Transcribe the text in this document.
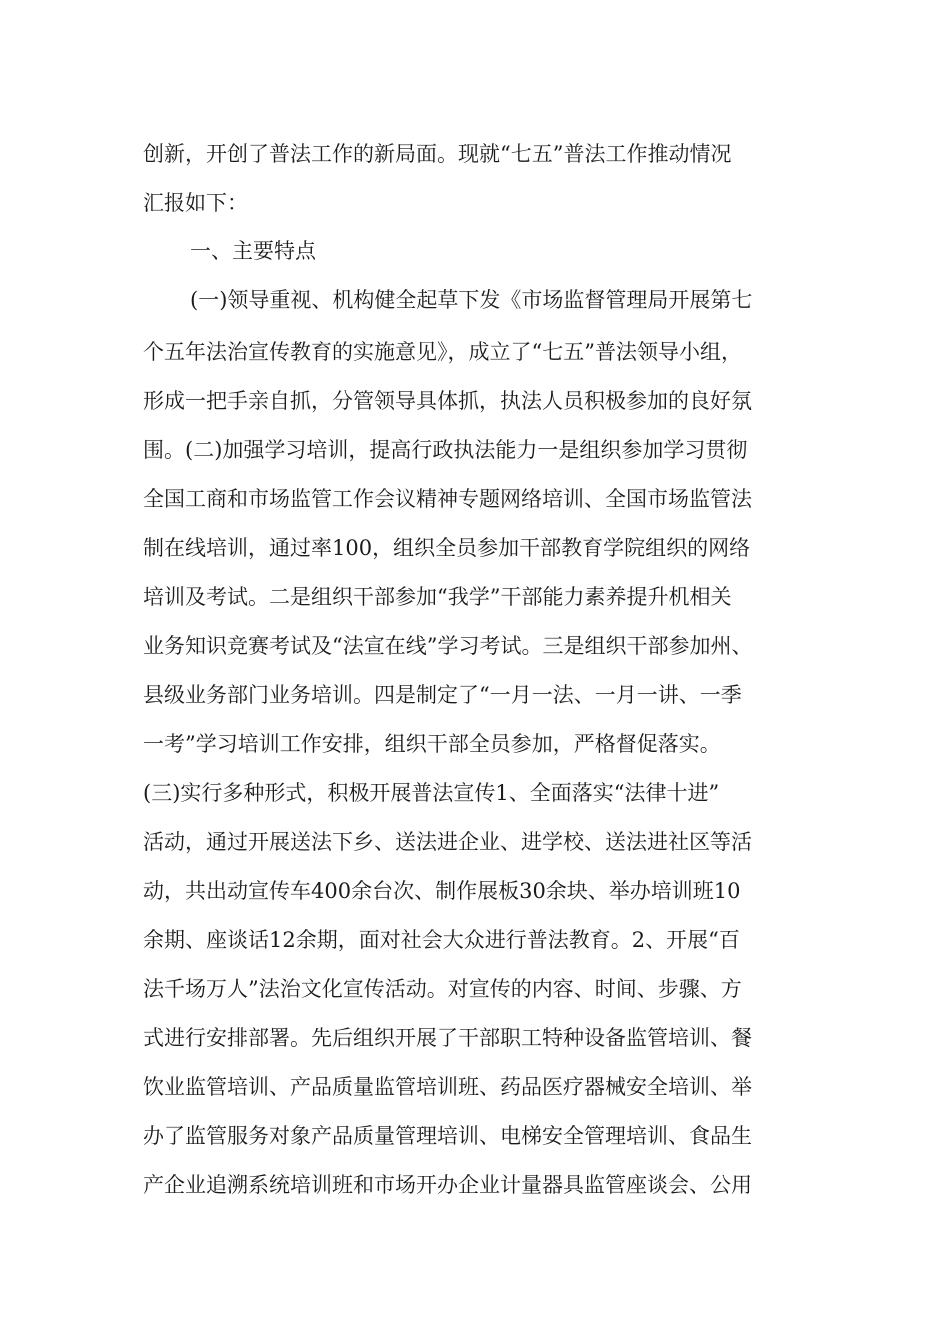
创新，开创了普法工作的新局面。现就“七五”普法工作推动情况
汇报如下：
一、主要特点
(一)领导重视、机构健全起草下发《市场监督管理局开展第七
个五年法治宣传教育的实施意见》，成立了“七五”普法领导小组，
形成一把手亲自抓，分管领导具体抓，执法人员积极参加的良好氛
围。(二)加强学习培训，提高行政执法能力一是组织参加学习贯彻
全国工商和市场监管工作会议精神专题网络培训、全国市场监管法
制在线培训，通过率100，组织全员参加干部教育学院组织的网络
培训及考试。二是组织干部参加“我学”干部能力素养提升机相关
业务知识竞赛考试及“法宣在线”学习考试。三是组织干部参加州、
县级业务部门业务培训。四是制定了“一月一法、一月一讲、一季
一考”学习培训工作安排，组织干部全员参加，严格督促落实。
(三)实行多种形式，积极开展普法宣传1、全面落实“法律十进”
活动，通过开展送法下乡、送法进企业、进学校、送法进社区等活
动，共出动宣传车400余台次、制作展板30余块、举办培训班10
余期、座谈话12余期，面对社会大众进行普法教育。2、开展“百
法千场万人”法治文化宣传活动。对宣传的内容、时间、步骤、方
式进行安排部署。先后组织开展了干部职工特种设备监管培训、餐
饮业监管培训、产品质量监管培训班、药品医疗器械安全培训、举
办了监管服务对象产品质量管理培训、电梯安全管理培训、食品生
产企业追溯系统培训班和市场开办企业计量器具监管座谈会、公用
